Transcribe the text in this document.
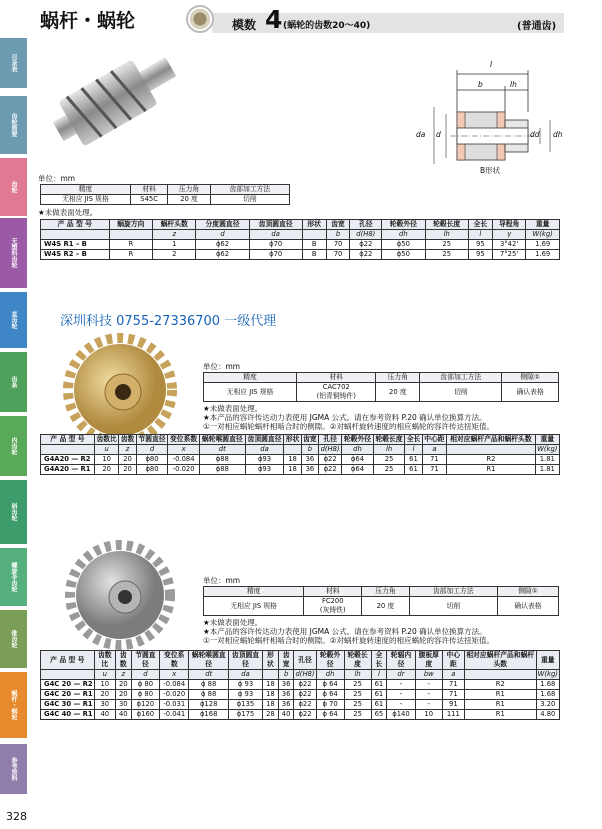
目录表
齿轮简要
齿轮
无塑料齿轮
直齿轮
齿条
内齿轮
斜齿轮
螺旋伞齿轮
锥齿轮
蜗杆・蜗轮
参考资料
蜗杆・蜗轮	模数 4 (蜗轮的齿数20～40)	(普通齿)
l
b	lh
da d	dd dh
B形状
单位：mm
精度	材料	压力角	齿部加工方法
无相应 JIS 规格	S45C	20 度	切削
★未做表面处理。
产 品 型 号	蜗旋方向	蜗杆头数	分度圆直径	齿顶圆直径	形状	齿宽	孔径	轮毂外径	轮毂长度	全长	导程角	重量
		z	d	da		b	d(H8)	dh	lh	l	γ	W(kg)
W4S R1 – B	R	1	ϕ62	ϕ70	B	70	ϕ22	ϕ50	25	95	3°42'	1.69
W4S R2 – B	R	2	ϕ62	ϕ70	B	70	ϕ22	ϕ50	25	95	7°25'	1.69
深圳科技 0755-27336700 一级代理
单位：mm
精度	材料	压力角	齿部加工方法	侧隙①
无相应 JIS 规格	CAC702
(铝青铜铸件)	20 度	切削	确认表格
★未做表面处理。
★本产品的容许传达动力表使用 JGMA 公式。请在参考资料 P.20 确认单位换算方法。
①一对相应蜗轮蜗杆相啮合时的侧隙。②对蜗杆旋转速度的相应蜗轮的容许传达扭矩值。
产 品 型 号	齿数比	齿数	节圆直径	变位系数	蜗轮喉圆直径	齿顶圆直径	形状	齿宽	孔径	轮毂外径	轮毂长度	全长	中心距	相对应蜗杆产品和蜗杆头数	重量
	u	z	d	x	dt	da		b	d(H8)	dh	lh	l	a		W(kg)
G4A20 — R2	10	20	ϕ80	-0.084	ϕ88	ϕ93	18	36	ϕ22	ϕ64	25	61	71	R2	1.81
G4A20 — R1	20	20	ϕ80	-0.020	ϕ88	ϕ93	18	36	ϕ22	ϕ64	25	61	71	R1	1.81
单位：mm
精度	材料	压力角	齿部加工方法	侧隙①
无相应 JIS 规格	FC200
(灰铸铁)	20 度	切削	确认表格
★未做表面处理。
★本产品的容许传达动力表使用 JGMA 公式。请在参考资料 P.20 确认单位换算方法。
①一对相应蜗轮蜗杆相啮合时的侧隙。②对蜗杆旋转速度的相应蜗轮的容许传达扭矩值。
产 品 型 号	齿数比	齿数	节圆直径	变位系数	蜗轮喉圆直径	齿顶圆直径	形状	齿宽	孔径	轮毂外径	轮毂长度	全长	轮辐内径	腹板厚度	中心距	相对应蜗杆产品和蜗杆头数	重量
	u	z	d	x	dt	da		b	d(H8)	dh	lh	l	dr	bw	a		W(kg)
G4C 20 — R2	10	20	ϕ 80	-0.084	ϕ 88	ϕ 93	18	36	ϕ22	ϕ 64	25	61	-	-	71	R2	1.68
G4C 20 — R1	20	20	ϕ 80	-0.020	ϕ 88	ϕ 93	18	36	ϕ22	ϕ 64	25	61	-	-	71	R1	1.68
G4C 30 — R1	30	30	ϕ120	-0.031	ϕ128	ϕ135	18	36	ϕ22	ϕ 70	25	61	-	-	91	R1	3.20
G4C 40 — R1	40	40	ϕ160	-0.041	ϕ168	ϕ175	28	40	ϕ22	ϕ 64	25	65	ϕ140	10	111	R1	4.80
328
